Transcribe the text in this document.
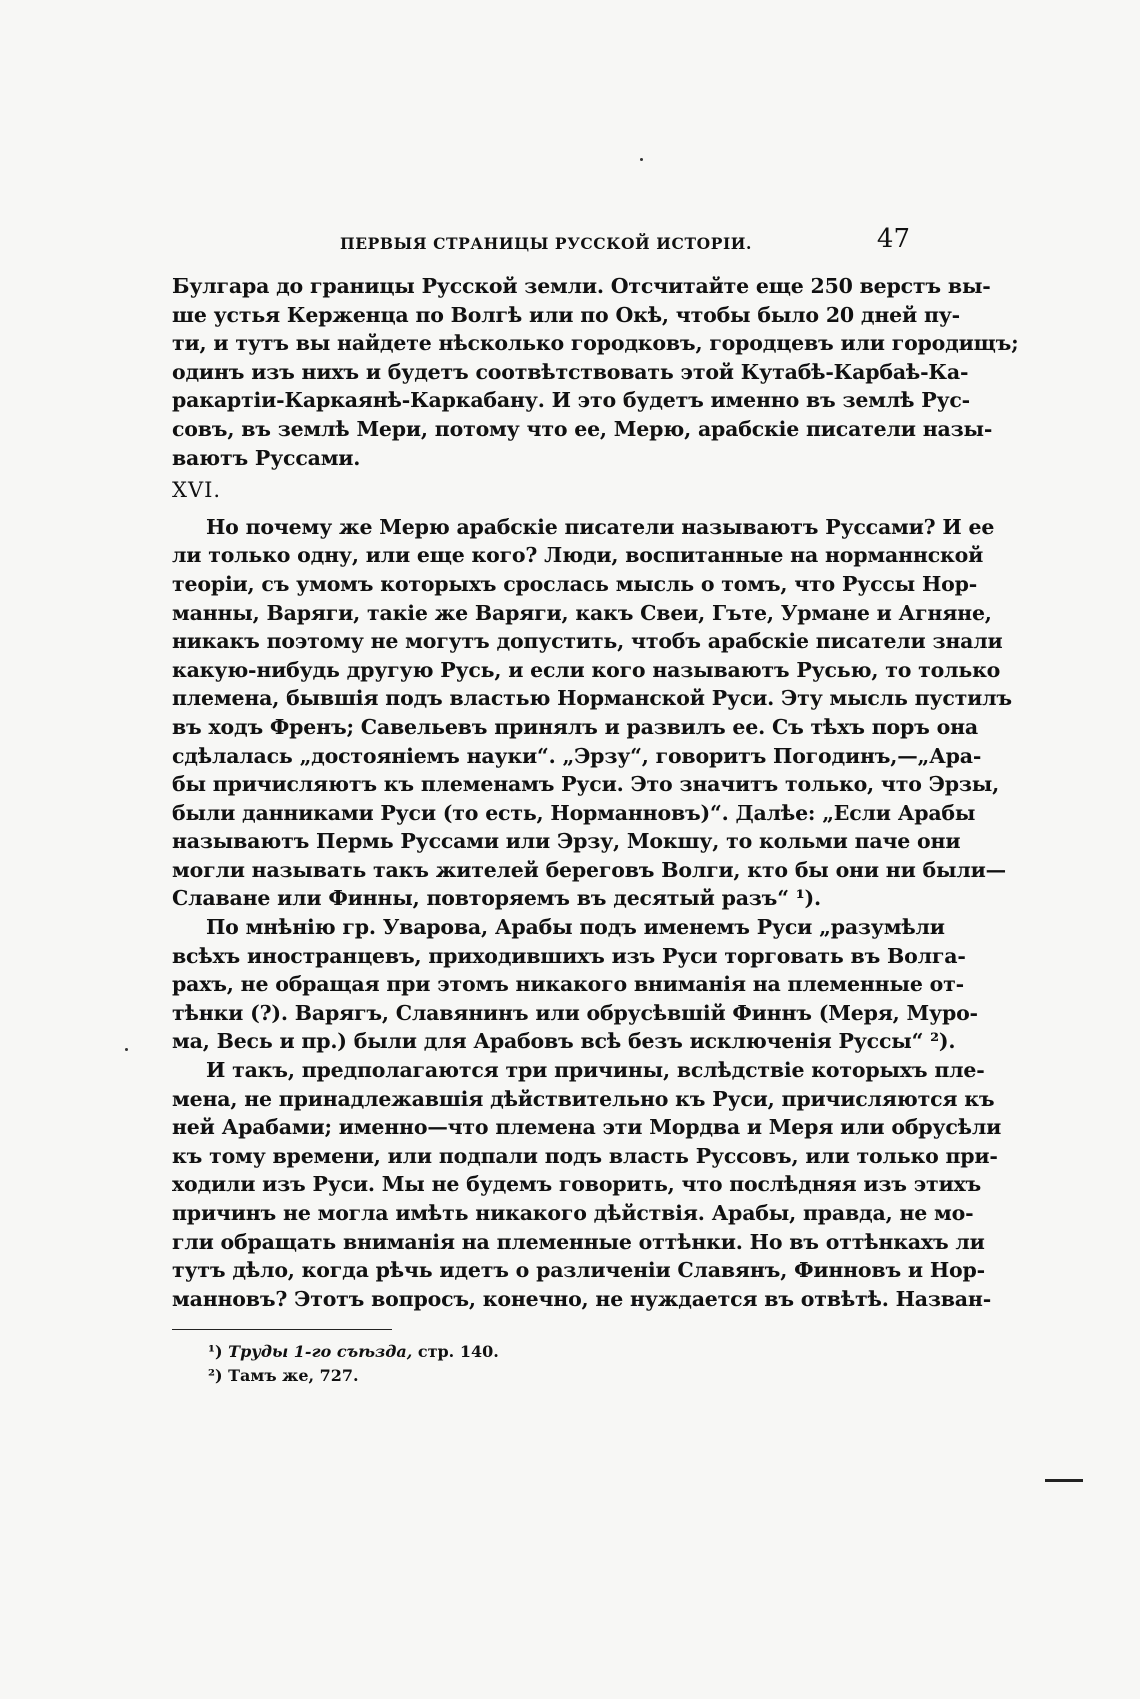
ПЕРВЫЯ СТРАНИЦЫ РУССКОЙ ИСТОРІИ.	47
Булгара до границы Русской земли. Отсчитайте еще 250 верстъ вы-
ше устья Керженца по Волгѣ или по Окѣ, чтобы было 20 дней пу-
ти, и тутъ вы найдете нѣсколько городковъ, городцевъ или городищъ;
одинъ изъ нихъ и будетъ соотвѣтствовать этой Кутабѣ-Карбаѣ-Ка-
ракартіи-Каркаянѣ-Каркабану. И это будетъ именно въ землѣ Рус-
совъ, въ землѣ Мери, потому что ее, Мерю, арабскіе писатели назы-
ваютъ Руссами.
XVI.
Но почему же Мерю арабскіе писатели называютъ Руссами? И ее
ли только одну, или еще кого? Люди, воспитанные на норманнской
теоріи, съ умомъ которыхъ срослась мысль о томъ, что Руссы Нор-
манны, Варяги, такіе же Варяги, какъ Свеи, Гъте, Урмане и Агняне,
никакъ поэтому не могутъ допустить, чтобъ арабскіе писатели знали
какую-нибудь другую Русь, и если кого называютъ Русью, то только
племена, бывшія подъ властью Норманской Руси. Эту мысль пустилъ
въ ходъ Френъ; Савельевъ принялъ и развилъ ее. Съ тѣхъ поръ она
сдѣлалась „достояніемъ науки“. „Эрзу“, говоритъ Погодинъ,—„Ара-
бы причисляютъ къ племенамъ Руси. Это значитъ только, что Эрзы,
были данниками Руси (то есть, Норманновъ)“. Далѣе: „Если Арабы
называютъ Пермь Руссами или Эрзу, Мокшу, то кольми паче они
могли называть такъ жителей береговъ Волги, кто бы они ни были—
Славане или Финны, повторяемъ въ десятый разъ“ ¹).
По мнѣнію гр. Уварова, Арабы подъ именемъ Руси „разумѣли
всѣхъ иностранцевъ, приходившихъ изъ Руси торговать въ Волга-
рахъ, не обращая при этомъ никакого вниманія на племенные от-
тѣнки (?). Варягъ, Славянинъ или обрусѣвшій Финнъ (Меря, Муро-
ма, Весь и пр.) были для Арабовъ всѣ безъ исключенія Руссы“ ²).
И такъ, предполагаются три причины, вслѣдствіе которыхъ пле-
мена, не принадлежавшія дѣйствительно къ Руси, причисляются къ
ней Арабами; именно—что племена эти Мордва и Меря или обрусѣли
къ тому времени, или подпали подъ власть Руссовъ, или только при-
ходили изъ Руси. Мы не будемъ говорить, что послѣдняя изъ этихъ
причинъ не могла имѣть никакого дѣйствія. Арабы, правда, не мо-
гли обращать вниманія на племенные оттѣнки. Но въ оттѣнкахъ ли
тутъ дѣло, когда рѣчь идетъ о различеніи Славянъ, Финновъ и Нор-
манновъ? Этотъ вопросъ, конечно, не нуждается въ отвѣтѣ. Назван-
¹) Труды 1-го съѣзда, стр. 140.
²) Тамъ же, 727.
